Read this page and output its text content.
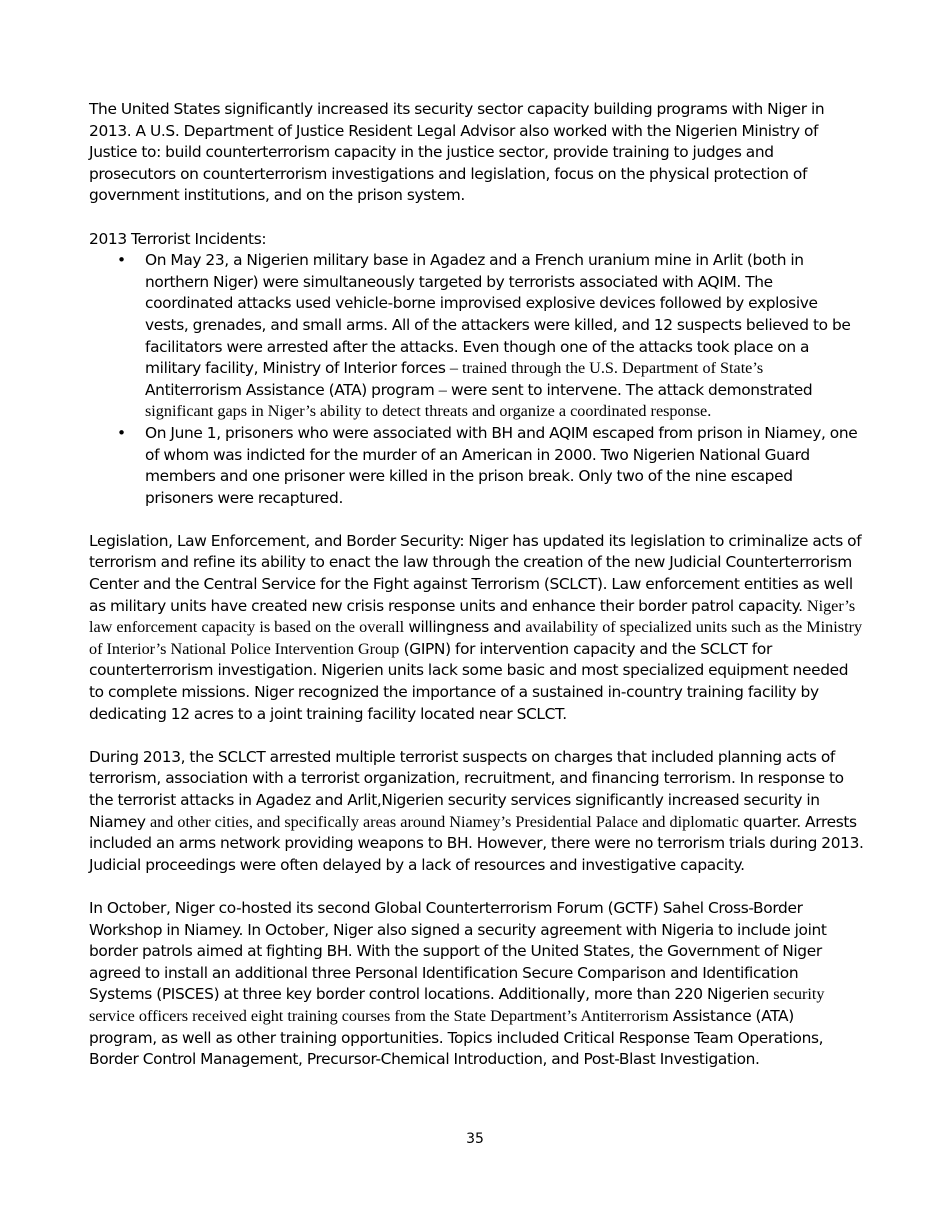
The United States significantly increased its security sector capacity building programs with Niger in 2013. A U.S. Department of Justice Resident Legal Advisor also worked with the Nigerien Ministry of Justice to: build counterterrorism capacity in the justice sector, provide training to judges and prosecutors on counterterrorism investigations and legislation, focus on the physical protection of government institutions, and on the prison system.

2013 Terrorist Incidents:

• On May 23, a Nigerien military base in Agadez and a French uranium mine in Arlit (both in northern Niger) were simultaneously targeted by terrorists associated with AQIM. The coordinated attacks used vehicle-borne improvised explosive devices followed by explosive vests, grenades, and small arms. All of the attackers were killed, and 12 suspects believed to be facilitators were arrested after the attacks. Even though one of the attacks took place on a military facility, Ministry of Interior forces – trained through the U.S. Department of State’s Antiterrorism Assistance (ATA) program – were sent to intervene. The attack demonstrated significant gaps in Niger’s ability to detect threats and organize a coordinated response.
• On June 1, prisoners who were associated with BH and AQIM escaped from prison in Niamey, one of whom was indicted for the murder of an American in 2000. Two Nigerien National Guard members and one prisoner were killed in the prison break. Only two of the nine escaped prisoners were recaptured.

Legislation, Law Enforcement, and Border Security: Niger has updated its legislation to criminalize acts of terrorism and refine its ability to enact the law through the creation of the new Judicial Counterterrorism Center and the Central Service for the Fight against Terrorism (SCLCT). Law enforcement entities as well as military units have created new crisis response units and enhance their border patrol capacity. Niger’s law enforcement capacity is based on the overall willingness and availability of specialized units such as the Ministry of Interior’s National Police Intervention Group (GIPN) for intervention capacity and the SCLCT for counterterrorism investigation. Nigerien units lack some basic and most specialized equipment needed to complete missions. Niger recognized the importance of a sustained in-country training facility by dedicating 12 acres to a joint training facility located near SCLCT.

During 2013, the SCLCT arrested multiple terrorist suspects on charges that included planning acts of terrorism, association with a terrorist organization, recruitment, and financing terrorism. In response to the terrorist attacks in Agadez and Arlit,Nigerien security services significantly increased security in Niamey and other cities, and specifically areas around Niamey’s Presidential Palace and diplomatic quarter. Arrests included an arms network providing weapons to BH. However, there were no terrorism trials during 2013. Judicial proceedings were often delayed by a lack of resources and investigative capacity.

In October, Niger co-hosted its second Global Counterterrorism Forum (GCTF) Sahel Cross-Border Workshop in Niamey. In October, Niger also signed a security agreement with Nigeria to include joint border patrols aimed at fighting BH. With the support of the United States, the Government of Niger agreed to install an additional three Personal Identification Secure Comparison and Identification Systems (PISCES) at three key border control locations. Additionally, more than 220 Nigerien security service officers received eight training courses from the State Department’s Antiterrorism Assistance (ATA) program, as well as other training opportunities. Topics included Critical Response Team Operations, Border Control Management, Precursor-Chemical Introduction, and Post-Blast Investigation.

35
